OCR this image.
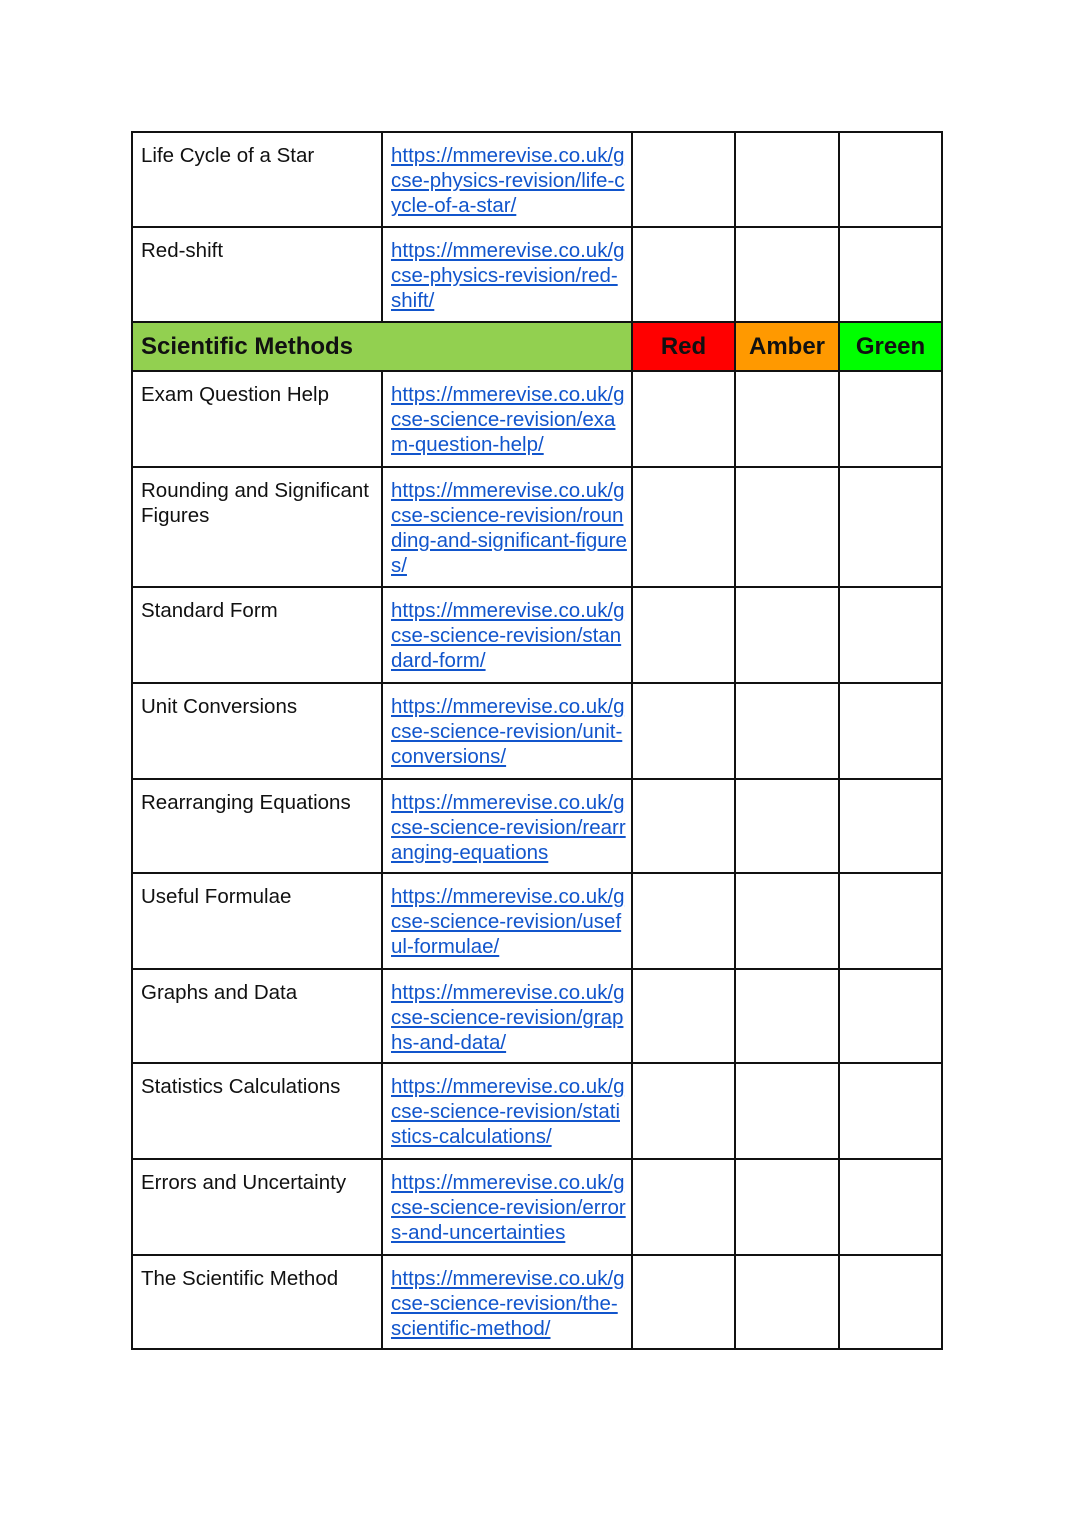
Life Cycle of a Star	https://mmerevise.co.uk/gcse-physics-revision/life-cycle-of-a-star/			
Red-shift	https://mmerevise.co.uk/gcse-physics-revision/red-shift/			
Scientific Methods		Red	Amber	Green
Exam Question Help	https://mmerevise.co.uk/gcse-science-revision/exam-question-help/			
Rounding and Significant Figures	https://mmerevise.co.uk/gcse-science-revision/rounding-and-significant-figures/			
Standard Form	https://mmerevise.co.uk/gcse-science-revision/standard-form/			
Unit Conversions	https://mmerevise.co.uk/gcse-science-revision/unit-conversions/			
Rearranging Equations	https://mmerevise.co.uk/gcse-science-revision/rearranging-equations			
Useful Formulae	https://mmerevise.co.uk/gcse-science-revision/useful-formulae/			
Graphs and Data	https://mmerevise.co.uk/gcse-science-revision/graphs-and-data/			
Statistics Calculations	https://mmerevise.co.uk/gcse-science-revision/statistics-calculations/			
Errors and Uncertainty	https://mmerevise.co.uk/gcse-science-revision/errors-and-uncertainties			
The Scientific Method	https://mmerevise.co.uk/gcse-science-revision/the-scientific-method/			
